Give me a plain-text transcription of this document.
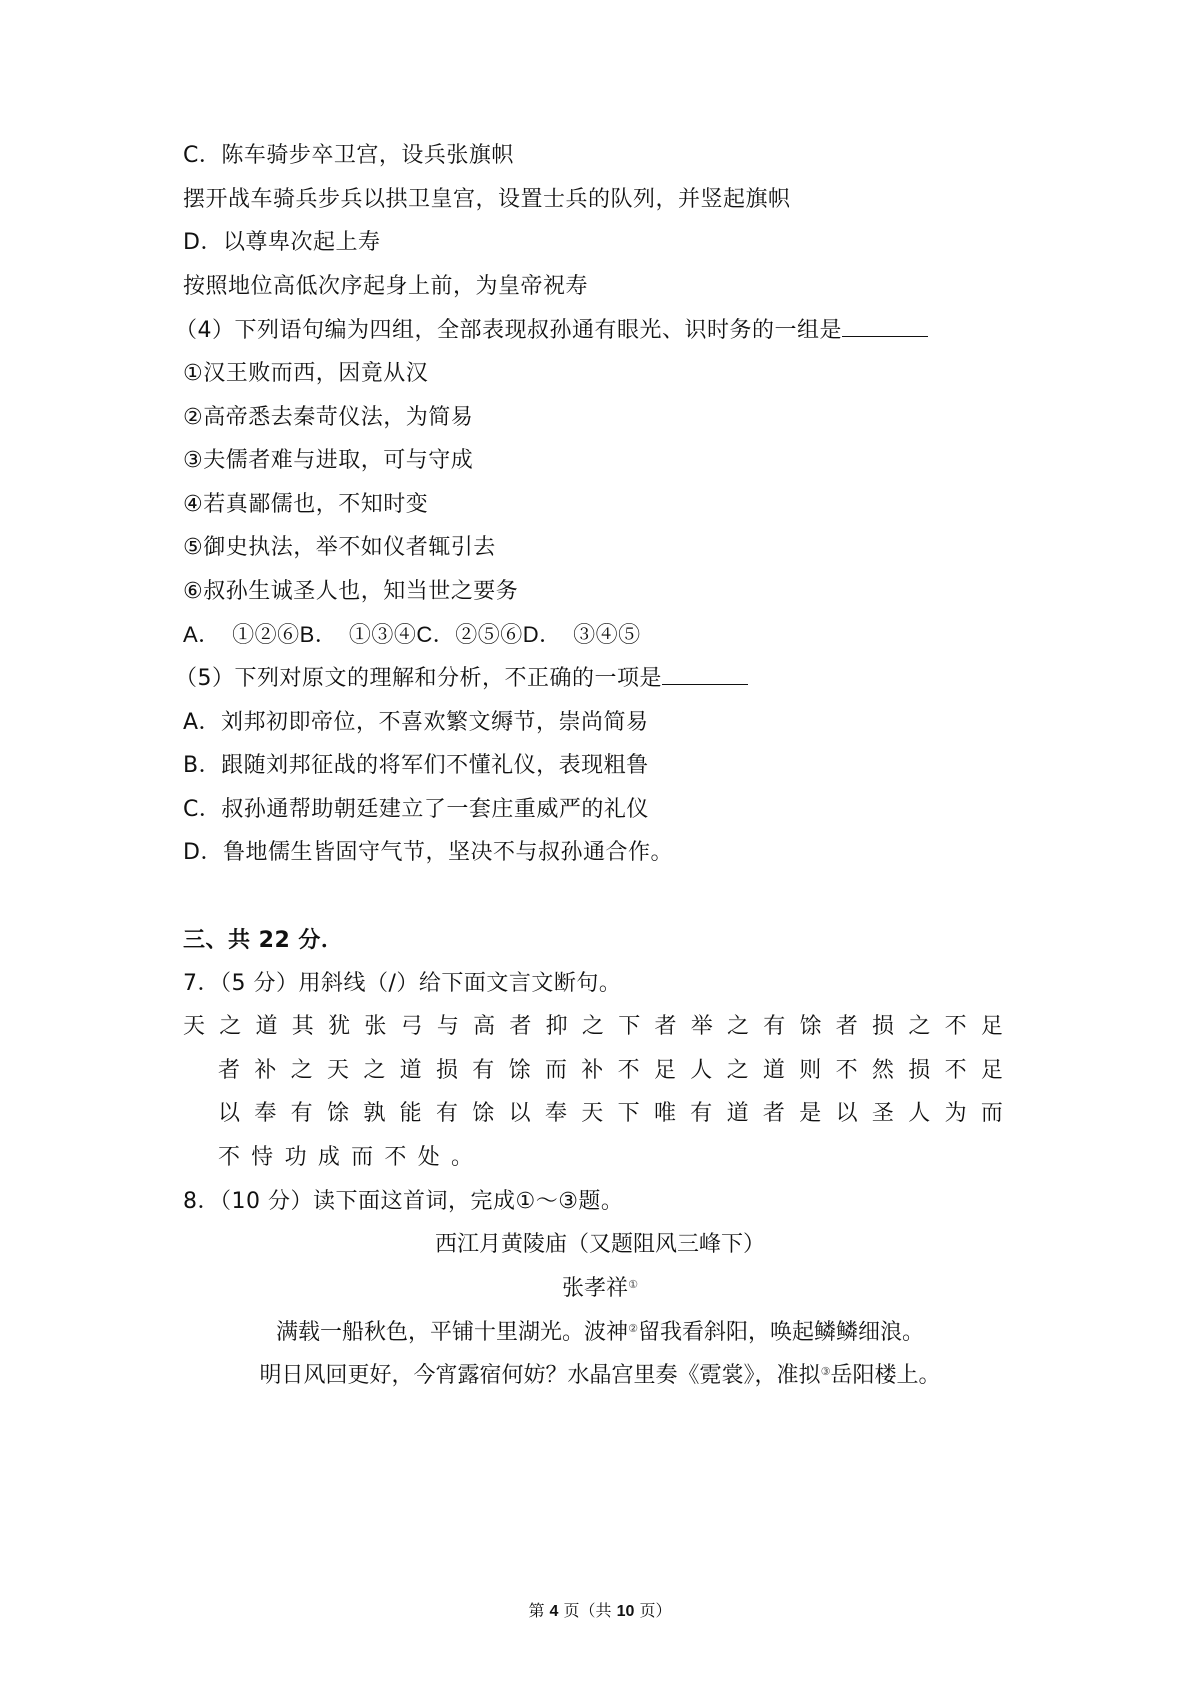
C．陈车骑步卒卫宫，设兵张旗帜
摆开战车骑兵步兵以拱卫皇宫，设置士兵的队列，并竖起旗帜
D．以尊卑次起上寿
按照地位高低次序起身上前，为皇帝祝寿
（4）下列语句编为四组，全部表现叔孙通有眼光、识时务的一组是
①汉王败而西，因竟从汉
②高帝悉去秦苛仪法，为简易
③夫儒者难与进取，可与守成
④若真鄙儒也，不知时变
⑤御史执法，举不如仪者辄引去
⑥叔孙生诚圣人也，知当世之要务
A．　①②⑥B．　①③④C．②⑤⑥D．　③④⑤
（5）下列对原文的理解和分析，不正确的一项是
A．刘邦初即帝位，不喜欢繁文缛节，崇尚简易
B．跟随刘邦征战的将军们不懂礼仪，表现粗鲁
C．叔孙通帮助朝廷建立了一套庄重威严的礼仪
D．鲁地儒生皆固守气节，坚决不与叔孙通合作。
三、共 22 分．
7．（5 分）用斜线（/）给下面文言文断句。
天 之 道 其 犹 张 弓 与 高 者 抑 之 下 者 举 之 有 馀 者 损 之 不 足
者 补 之 天 之 道 损 有 馀 而 补 不 足 人 之 道 则 不 然 损 不 足
以 奉 有 馀 孰 能 有 馀 以 奉 天 下 唯 有 道 者 是 以 圣 人 为 而
不 恃 功 成 而 不 处 。
8．（10 分）读下面这首词，完成①～③题。
西江月黄陵庙（又题阻风三峰下）
张孝祥①
满载一船秋色，平铺十里湖光。波神②留我看斜阳，唤起鳞鳞细浪。
明日风回更好，今宵露宿何妨？水晶宫里奏《霓裳》，准拟③岳阳楼上。
第 4 页（共 10 页）
